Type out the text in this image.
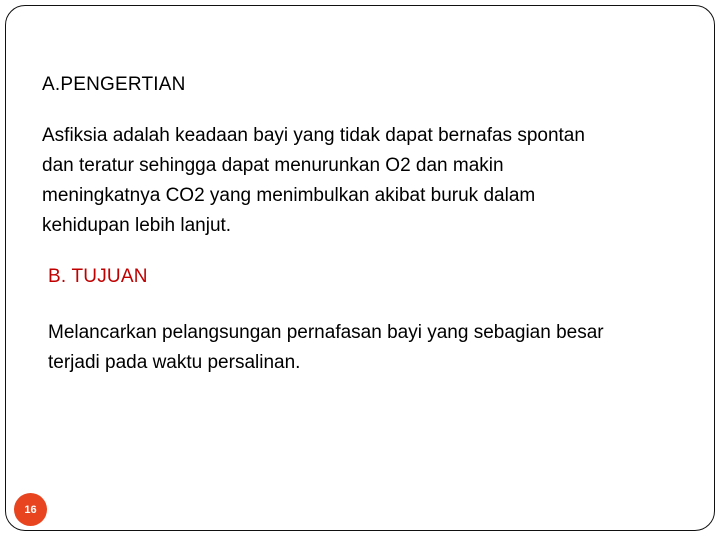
A.PENGERTIAN
Asfiksia adalah keadaan bayi yang tidak dapat bernafas spontan
dan teratur sehingga dapat menurunkan O2 dan makin
meningkatnya CO2 yang menimbulkan akibat buruk dalam
kehidupan lebih lanjut.
B. TUJUAN
Melancarkan pelangsungan pernafasan bayi yang sebagian besar
terjadi pada waktu persalinan.
16
